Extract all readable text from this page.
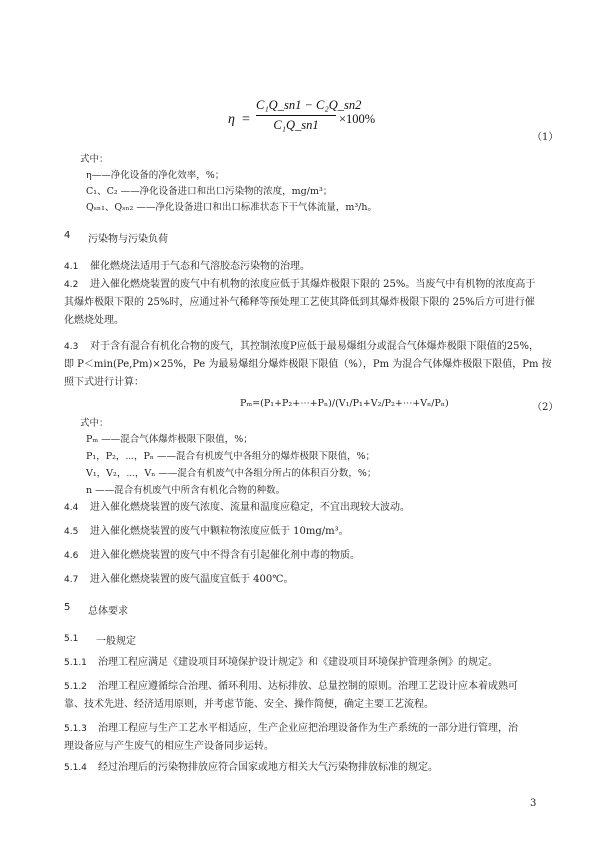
$\eta = \frac{\text{C₁Q\_sn1 − C₂Q\_sn2}}{\text{C₁Q\_sn1}} \times 100\%$
（1）
式中：
η——净化设备的净化效率，%；
C₁、C₂ ——净化设备进口和出口污染物的浓度，mg/m³；
Qₛₙ₁、Qₛₙ₂ ——净化设备进口和出口标准状态下干气体流量，m³/h。
4 污染物与污染负荷
4.1 催化燃烧法适用于气态和气溶胶态污染物的治理。
4.2 进入催化燃烧装置的废气中有机物的浓度应低于其爆炸极限下限的 25%。当废气中有机物的浓度高于
其爆炸极限下限的 25%时，应通过补气稀释等预处理工艺使其降低到其爆炸极限下限的 25%后方可进行催
化燃烧处理。
4.3 对于含有混合有机化合物的废气，其控制浓度P应低于最易爆组分或混合气体爆炸极限下限值的25%，
即 P＜min(Pe,Pm)×25%，Pe 为最易爆组分爆炸极限下限值（%），Pm 为混合气体爆炸极限下限值，Pm 按
照下式进行计算：
Pₘ=(P₁+P₂+⋯+Pₙ)/(V₁/P₁+V₂/P₂+⋯+Vₙ/Pₙ)	（2）
式中：
Pₘ ——混合气体爆炸极限下限值，%；
P₁，P₂，⋯，Pₙ ——混合有机废气中各组分的爆炸极限下限值，%；
V₁，V₂，⋯，Vₙ ——混合有机废气中各组分所占的体积百分数，%；
n ——混合有机废气中所含有机化合物的种数。
4.4 进入催化燃烧装置的废气浓度、流量和温度应稳定，不宜出现较大波动。
4.5 进入催化燃烧装置的废气中颗粒物浓度应低于 10mg/m³。
4.6 进入催化燃烧装置的废气中不得含有引起催化剂中毒的物质。
4.7 进入催化燃烧装置的废气温度宜低于 400℃。
5 总体要求
5.1 一般规定
5.1.1 治理工程应满足《建设项目环境保护设计规定》和《建设项目环境保护管理条例》的规定。
5.1.2 治理工程应遵循综合治理、循环利用、达标排放、总量控制的原则。治理工艺设计应本着成熟可
靠、技术先进、经济适用原则，并考虑节能、安全、操作简便，确定主要工艺流程。
5.1.3 治理工程应与生产工艺水平相适应，生产企业应把治理设备作为生产系统的一部分进行管理，治
理设备应与产生废气的相应生产设备同步运转。
5.1.4 经过治理后的污染物排放应符合国家或地方相关大气污染物排放标准的规定。
3
